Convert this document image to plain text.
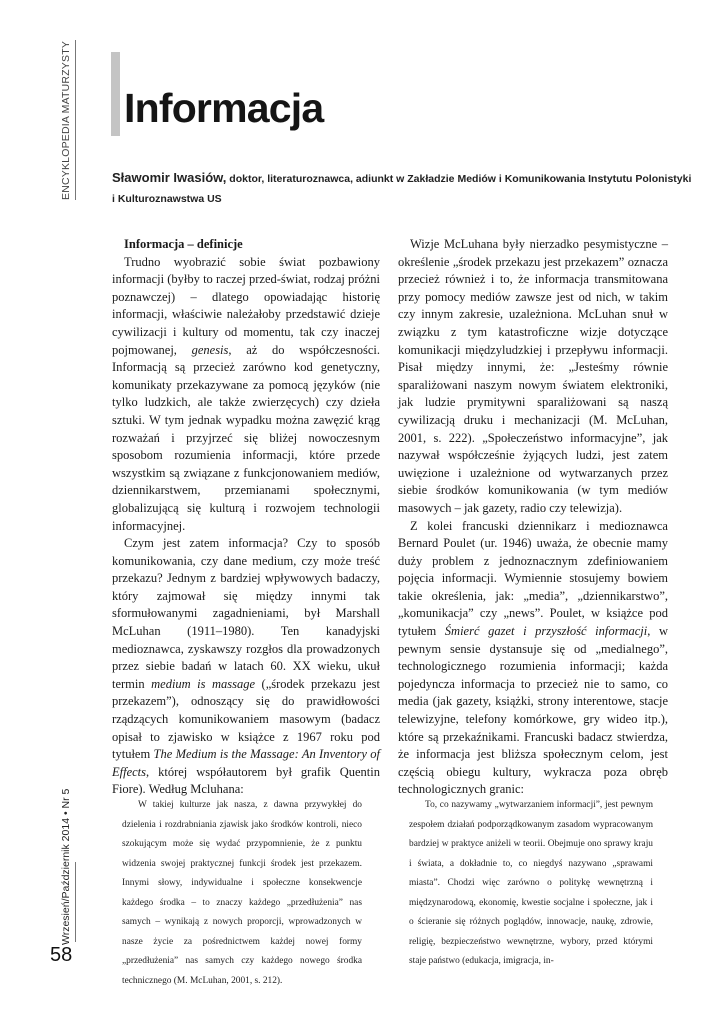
ENCYKLOPEDIA MATURZYSTY
Wrzesień/Październik 2014 • Nr 5
58
Informacja
Sławomir Iwasiów, doktor, literaturoznawca, adiunkt w Zakładzie Mediów i Komunikowania Instytutu Polonistyki i Kulturoznawstwa US
Informacja – definicje

Trudno wyobrazić sobie świat pozbawiony informacji (byłby to raczej przed-świat, rodzaj próżni poznawczej) – dlatego opowiadając historię informacji, właściwie należałoby przedstawić dzieje cywilizacji i kultury od momentu, tak czy inaczej pojmowanej, genesis, aż do współczesności. Informacją są przecież zarówno kod genetyczny, komunikaty przekazywane za pomocą języków (nie tylko ludzkich, ale także zwierzęcych) czy dzieła sztuki. W tym jednak wypadku można zawęzić krąg rozważań i przyjrzeć się bliżej nowoczesnym sposobom rozumienia informacji, które przede wszystkim są związane z funkcjonowaniem mediów, dziennikarstwem, przemianami społecznymi, globalizującą się kulturą i rozwojem technologii informacyjnej.

Czym jest zatem informacja? Czy to sposób komunikowania, czy dane medium, czy może treść przekazu? Jednym z bardziej wpływowych badaczy, który zajmował się między innymi tak sformułowanymi zagadnieniami, był Marshall McLuhan (1911–1980). Ten kanadyjski medioznawca, zyskawszy rozgłos dla prowadzonych przez siebie badań w latach 60. XX wieku, ukuł termin medium is massage („środek przekazu jest przekazem”), odnoszący się do prawidłowości rządzących komunikowaniem masowym (badacz opisał to zjawisko w książce z 1967 roku pod tytułem The Medium is the Massage: An Inventory of Effects, której współautorem był grafik Quentin Fiore). Według Mcluhana:

Wizje McLuhana były nierzadko pesymistyczne – określenie „środek przekazu jest przekazem” oznacza przecież również i to, że informacja transmitowana przy pomocy mediów zawsze jest od nich, w takim czy innym zakresie, uzależniona. McLuhan snuł w związku z tym katastroficzne wizje dotyczące komunikacji międzyludzkiej i przepływu informacji. Pisał między innymi, że: „Jesteśmy równie sparaliżowani naszym nowym światem elektroniki, jak ludzie prymitywni sparaliżowani są naszą cywilizacją druku i mechanizacji (M. McLuhan, 2001, s. 222). „Społeczeństwo informacyjne”, jak nazywał współcześnie żyjących ludzi, jest zatem uwięzione i uzależnione od wytwarzanych przez siebie środków komunikowania (w tym mediów masowych – jak gazety, radio czy telewizja).

Z kolei francuski dziennikarz i medioznawca Bernard Poulet (ur. 1946) uważa, że obecnie mamy duży problem z jednoznacznym zdefiniowaniem pojęcia informacji. Wymiennie stosujemy bowiem takie określenia, jak: „media”, „dziennikarstwo”, „komunikacja” czy „news”. Poulet, w książce pod tytułem Śmierć gazet i przyszłość informacji, w pewnym sensie dystansuje się od „medialnego”, technologicznego rozumienia informacji; każda pojedyncza informacja to przecież nie to samo, co media (jak gazety, książki, strony interentowe, stacje telewizyjne, telefony komórkowe, gry wideo itp.), które są przekaźnikami. Francuski badacz stwierdza, że informacja jest bliższa społecznym celom, jest częścią obiegu kultury, wykracza poza obręb technologicznych granic:

W takiej kulturze jak nasza, z dawna przywykłej do dzielenia i rozdrabniania zjawisk jako środków kontroli, nieco szokującym może się wydać przypomnienie, że z punktu widzenia swojej praktycznej funkcji środek jest przekazem. Innymi słowy, indywidualne i społeczne konsekwencje każdego środka – to znaczy każdego „przedłużenia” nas samych – wynikają z nowych proporcji, wprowadzonych w nasze życie za pośrednictwem każdej nowej formy „przedłużenia” nas samych czy każdego nowego środka technicznego (M. McLuhan, 2001, s. 212).

To, co nazywamy „wytwarzaniem informacji”, jest pewnym zespołem działań podporządkowanym zasadom wypracowanym bardziej w praktyce aniżeli w teorii. Obejmuje ono sprawy kraju i świata, a dokładnie to, co niegdyś nazywano „sprawami miasta”. Chodzi więc zarówno o politykę wewnętrzną i międzynarodową, ekonomię, kwestie socjalne i społeczne, jak i o ścieranie się różnych poglądów, innowacje, naukę, zdrowie, religię, bezpieczeństwo wewnętrzne, wybory, przed którymi staje państwo (edukacja, imigracja, in-
